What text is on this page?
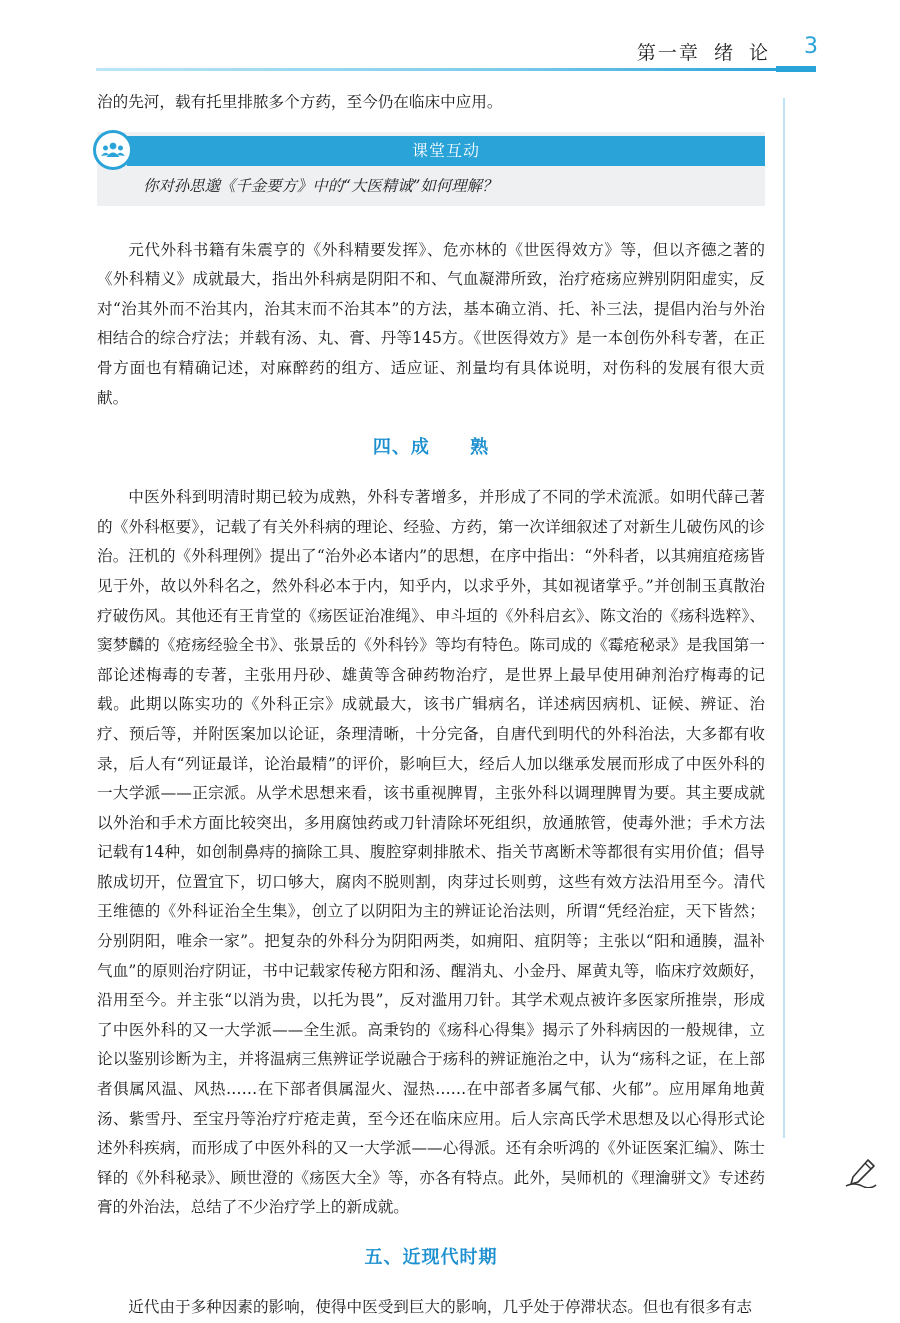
第一章 绪 论 3

治的先河，载有托里排脓多个方药，至今仍在临床中应用。

课堂互动
你对孙思邈《千金要方》中的“大医精诚”如何理解？

元代外科书籍有朱震亨的《外科精要发挥》、危亦林的《世医得效方》等，但以齐德之著的《外科精义》成就最大，指出外科病是阴阳不和、气血凝滞所致，治疗疮疡应辨别阴阳虚实，反对“治其外而不治其内，治其末而不治其本”的方法，基本确立消、托、补三法，提倡内治与外治相结合的综合疗法；并载有汤、丸、膏、丹等145方。《世医得效方》是一本创伤外科专著，在正骨方面也有精确记述，对麻醉药的组方、适应证、剂量均有具体说明，对伤科的发展有很大贡献。

四、成　 熟

中医外科到明清时期已较为成熟，外科专著增多，并形成了不同的学术流派。如明代薛己著的《外科枢要》，记载了有关外科病的理论、经验、方药，第一次详细叙述了对新生儿破伤风的诊治。汪机的《外科理例》提出了“治外必本诸内”的思想，在序中指出：“外科者，以其痈疽疮疡皆见于外，故以外科名之，然外科必本于内，知乎内，以求乎外，其如视诸掌乎。”并创制玉真散治疗破伤风。其他还有王肯堂的《疡医证治准绳》、申斗垣的《外科启玄》、陈文治的《疡科选粹》、窦梦麟的《疮疡经验全书》、张景岳的《外科钤》等均有特色。陈司成的《霉疮秘录》是我国第一部论述梅毒的专著，主张用丹砂、雄黄等含砷药物治疗，是世界上最早使用砷剂治疗梅毒的记载。此期以陈实功的《外科正宗》成就最大，该书广辑病名，详述病因病机、证候、辨证、治疗、预后等，并附医案加以论证，条理清晰，十分完备，自唐代到明代的外科治法，大多都有收录，后人有“列证最详，论治最精”的评价，影响巨大，经后人加以继承发展而形成了中医外科的一大学派——正宗派。从学术思想来看，该书重视脾胃，主张外科以调理脾胃为要。其主要成就以外治和手术方面比较突出，多用腐蚀药或刀针清除坏死组织，放通脓管，使毒外泄；手术方法记载有14种，如创制鼻痔的摘除工具、腹腔穿刺排脓术、指关节离断术等都很有实用价值；倡导脓成切开，位置宜下，切口够大，腐肉不脱则割，肉芽过长则剪，这些有效方法沿用至今。清代王维德的《外科证治全生集》，创立了以阴阳为主的辨证论治法则，所谓“凭经治症，天下皆然；分别阴阳，唯余一家”。把复杂的外科分为阴阳两类，如痈阳、疽阴等；主张以“阳和通腠，温补气血”的原则治疗阴证，书中记载家传秘方阳和汤、醒消丸、小金丹、犀黄丸等，临床疗效颇好，沿用至今。并主张“以消为贵，以托为畏”，反对滥用刀针。其学术观点被许多医家所推崇，形成了中医外科的又一大学派——全生派。高秉钧的《疡科心得集》揭示了外科病因的一般规律，立论以鉴别诊断为主，并将温病三焦辨证学说融合于疡科的辨证施治之中，认为“疡科之证，在上部者俱属风温、风热……在下部者俱属湿火、湿热……在中部者多属气郁、火郁”。应用犀角地黄汤、紫雪丹、至宝丹等治疗疔疮走黄，至今还在临床应用。后人宗高氏学术思想及以心得形式论述外科疾病，而形成了中医外科的又一大学派——心得派。还有余听鸿的《外证医案汇编》、陈士铎的《外科秘录》、顾世澄的《疡医大全》等，亦各有特点。此外，吴师机的《理瀹骈文》专述药膏的外治法，总结了不少治疗学上的新成就。

五、近现代时期

近代由于多种因素的影响，使得中医受到巨大的影响，几乎处于停滞状态。但也有很多有志
